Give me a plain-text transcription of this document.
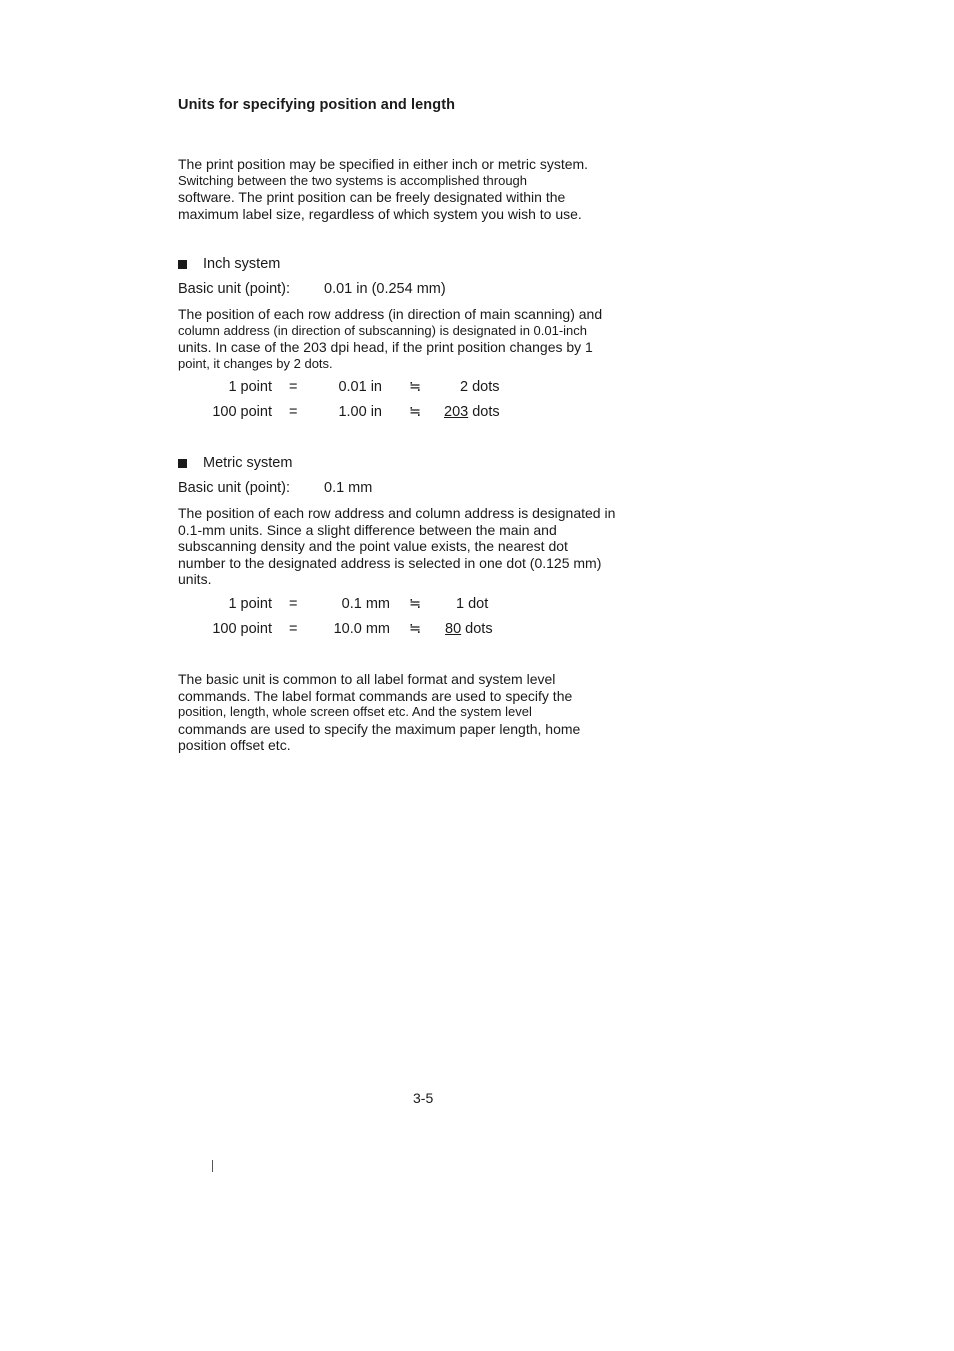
Units for specifying position and length
The print position may be specified in either inch or metric system.
Switching between the two systems is accomplished through
software. The print position can be freely designated within the
maximum label size, regardless of which system you wish to use.
Inch system
Basic unit (point): 0.01 in (0.254 mm)
The position of each row address (in direction of main scanning) and
column address (in direction of subscanning) is designated in 0.01-inch
units. In case of the 203 dpi head, if the print position changes by 1
point, it changes by 2 dots.
1 point =	0.01 in ≒	2 dots
100 point =	1.00 in ≒ 203 dots
Metric system
Basic unit (point): 0.1 mm
The position of each row address and column address is designated in
0.1-mm units. Since a slight difference between the main and
subscanning density and the point value exists, the nearest dot
number to the designated address is selected in one dot (0.125 mm)
units.
1 point =	0.1 mm ≒ 1 dot
100 point = 10.0 mm ≒ 80 dots
The basic unit is common to all label format and system level
commands. The label format commands are used to specify the
position, length, whole screen offset etc. And the system level
commands are used to specify the maximum paper length, home
position offset etc.
3-5
